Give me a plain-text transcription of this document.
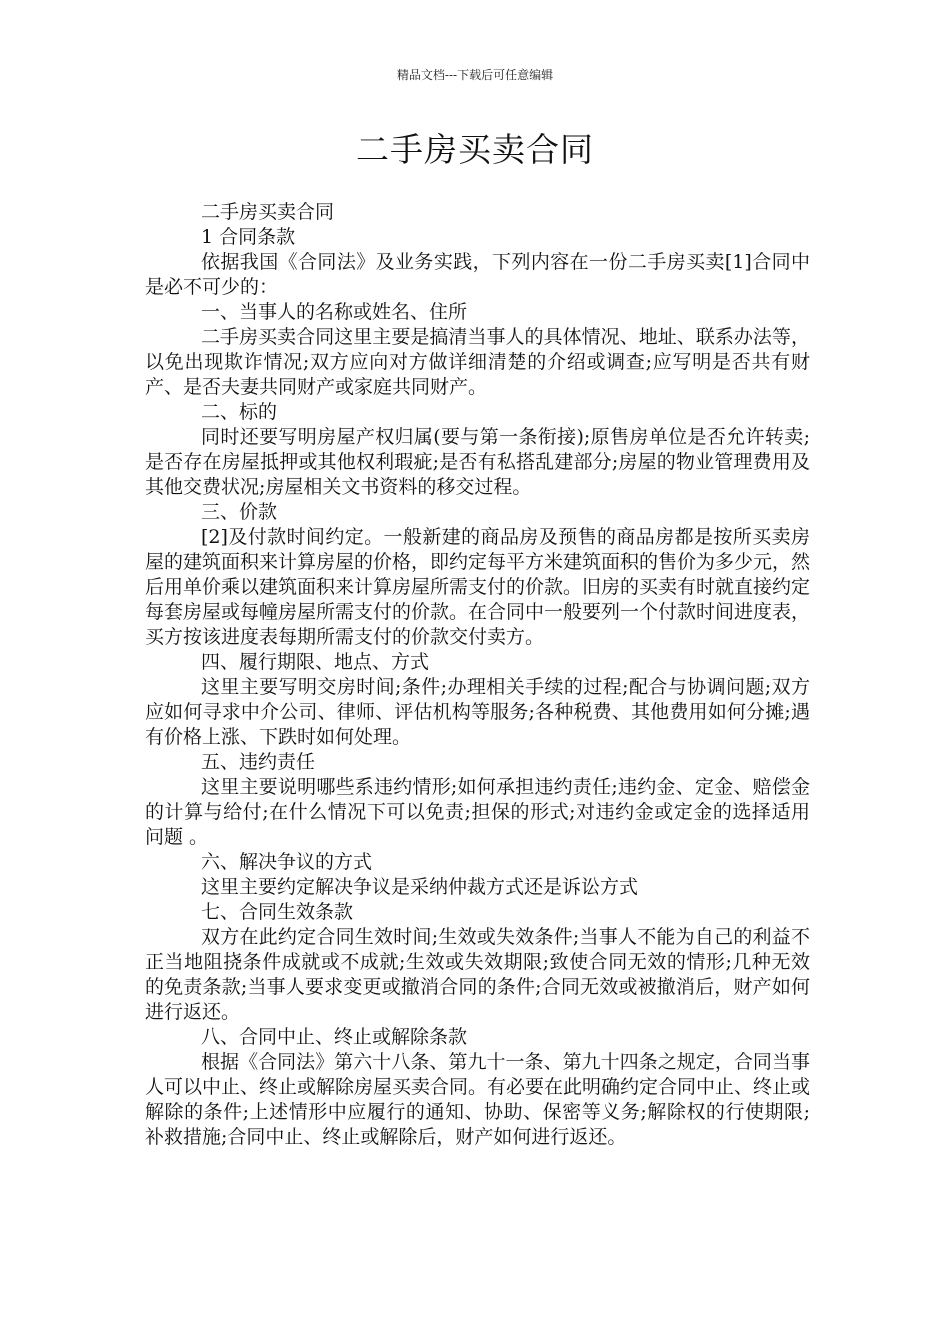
精品文档---下载后可任意编辑
二手房买卖合同

二手房买卖合同

1 合同条款

依据我国《合同法》及业务实践，下列内容在一份二手房买卖[1]合同中是必不可少的：

一、当事人的名称或姓名、住所

二手房买卖合同这里主要是搞清当事人的具体情况、地址、联系办法等，以免出现欺诈情况;双方应向对方做详细清楚的介绍或调查;应写明是否共有财产、是否夫妻共同财产或家庭共同财产。

二、标的

同时还要写明房屋产权归属(要与第一条衔接);原售房单位是否允许转卖;是否存在房屋抵押或其他权利瑕疵;是否有私搭乱建部分;房屋的物业管理费用及其他交费状况;房屋相关文书资料的移交过程。

三、价款

[2]及付款时间约定。一般新建的商品房及预售的商品房都是按所买卖房屋的建筑面积来计算房屋的价格，即约定每平方米建筑面积的售价为多少元，然后用单价乘以建筑面积来计算房屋所需支付的价款。旧房的买卖有时就直接约定每套房屋或每幢房屋所需支付的价款。在合同中一般要列一个付款时间进度表，买方按该进度表每期所需支付的价款交付卖方。

四、履行期限、地点、方式

这里主要写明交房时间;条件;办理相关手续的过程;配合与协调问题;双方应如何寻求中介公司、律师、评估机构等服务;各种税费、其他费用如何分摊;遇有价格上涨、下跌时如何处理。

五、违约责任

这里主要说明哪些系违约情形;如何承担违约责任;违约金、定金、赔偿金的计算与给付;在什么情况下可以免责;担保的形式;对违约金或定金的选择适用问题 。

六、解决争议的方式

这里主要约定解决争议是采纳仲裁方式还是诉讼方式

七、合同生效条款

双方在此约定合同生效时间;生效或失效条件;当事人不能为自己的利益不正当地阻挠条件成就或不成就;生效或失效期限;致使合同无效的情形;几种无效的免责条款;当事人要求变更或撤消合同的条件;合同无效或被撤消后，财产如何进行返还。

八、合同中止、终止或解除条款

根据《合同法》第六十八条、第九十一条、第九十四条之规定，合同当事人可以中止、终止或解除房屋买卖合同。有必要在此明确约定合同中止、终止或解除的条件;上述情形中应履行的通知、协助、保密等义务;解除权的行使期限;补救措施;合同中止、终止或解除后，财产如何进行返还。
